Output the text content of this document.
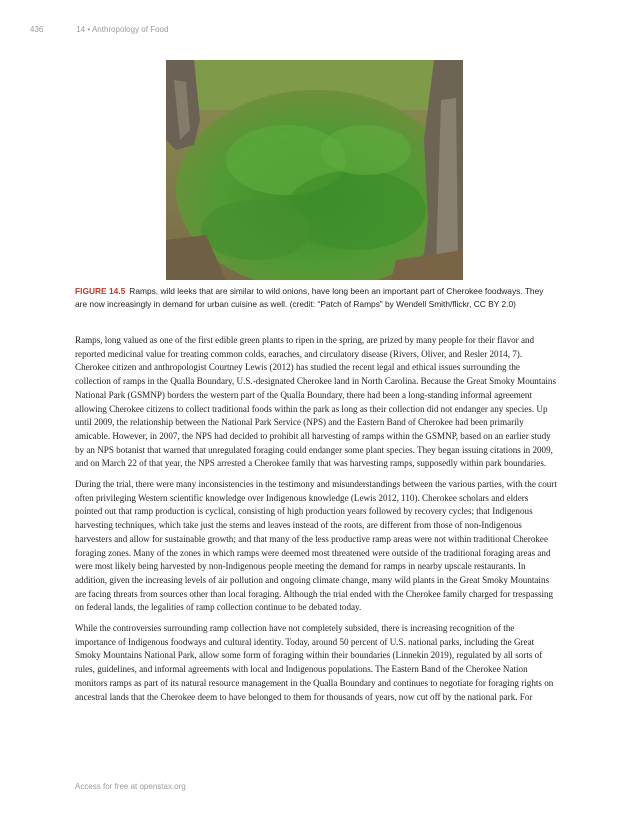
436	14 • Anthropology of Food
FIGURE 14.5 Ramps, wild leeks that are similar to wild onions, have long been an important part of Cherokee foodways. They are now increasingly in demand for urban cuisine as well. (credit: “Patch of Ramps” by Wendell Smith/flickr, CC BY 2.0)

Ramps, long valued as one of the first edible green plants to ripen in the spring, are prized by many people for their flavor and reported medicinal value for treating common colds, earaches, and circulatory disease (Rivers, Oliver, and Resler 2014, 7). Cherokee citizen and anthropologist Courtney Lewis (2012) has studied the recent legal and ethical issues surrounding the collection of ramps in the Qualla Boundary, U.S.-designated Cherokee land in North Carolina. Because the Great Smoky Mountains National Park (GSMNP) borders the western part of the Qualla Boundary, there had been a long-standing informal agreement allowing Cherokee citizens to collect traditional foods within the park as long as their collection did not endanger any species. Up until 2009, the relationship between the National Park Service (NPS) and the Eastern Band of Cherokee had been primarily amicable. However, in 2007, the NPS had decided to prohibit all harvesting of ramps within the GSMNP, based on an earlier study by an NPS botanist that warned that unregulated foraging could endanger some plant species. They began issuing citations in 2009, and on March 22 of that year, the NPS arrested a Cherokee family that was harvesting ramps, supposedly within park boundaries.

During the trial, there were many inconsistencies in the testimony and misunderstandings between the various parties, with the court often privileging Western scientific knowledge over Indigenous knowledge (Lewis 2012, 110). Cherokee scholars and elders pointed out that ramp production is cyclical, consisting of high production years followed by recovery cycles; that Indigenous harvesting techniques, which take just the stems and leaves instead of the roots, are different from those of non-Indigenous harvesters and allow for sustainable growth; and that many of the less productive ramp areas were not within traditional Cherokee foraging zones. Many of the zones in which ramps were deemed most threatened were outside of the traditional foraging areas and were most likely being harvested by non-Indigenous people meeting the demand for ramps in nearby upscale restaurants. In addition, given the increasing levels of air pollution and ongoing climate change, many wild plants in the Great Smoky Mountains are facing threats from sources other than local foraging. Although the trial ended with the Cherokee family charged for trespassing on federal lands, the legalities of ramp collection continue to be debated today.

While the controversies surrounding ramp collection have not completely subsided, there is increasing recognition of the importance of Indigenous foodways and cultural identity. Today, around 50 percent of U.S. national parks, including the Great Smoky Mountains National Park, allow some form of foraging within their boundaries (Linnekin 2019), regulated by all sorts of rules, guidelines, and informal agreements with local and Indigenous populations. The Eastern Band of the Cherokee Nation monitors ramps as part of its natural resource management in the Qualla Boundary and continues to negotiate for foraging rights on ancestral lands that the Cherokee deem to have belonged to them for thousands of years, now cut off by the national park. For

Access for free at openstax.org
